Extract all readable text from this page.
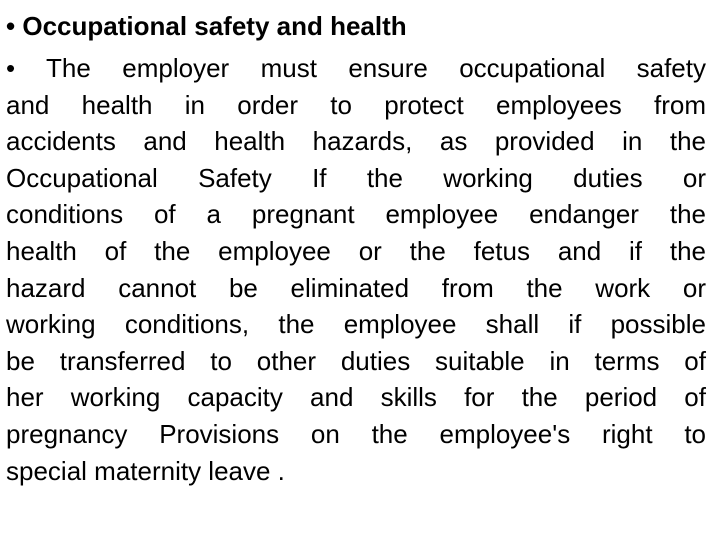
• Occupational safety and health

• The employer must ensure occupational safety
and health in order to protect employees from
accidents and health hazards, as provided in the
Occupational Safety If the working duties or
conditions of a pregnant employee endanger the
health of the employee or the fetus and if the
hazard cannot be eliminated from the work or
working conditions, the employee shall if possible
be transferred to other duties suitable in terms of
her working capacity and skills for the period of
pregnancy Provisions on the employee's right to
special maternity leave .
